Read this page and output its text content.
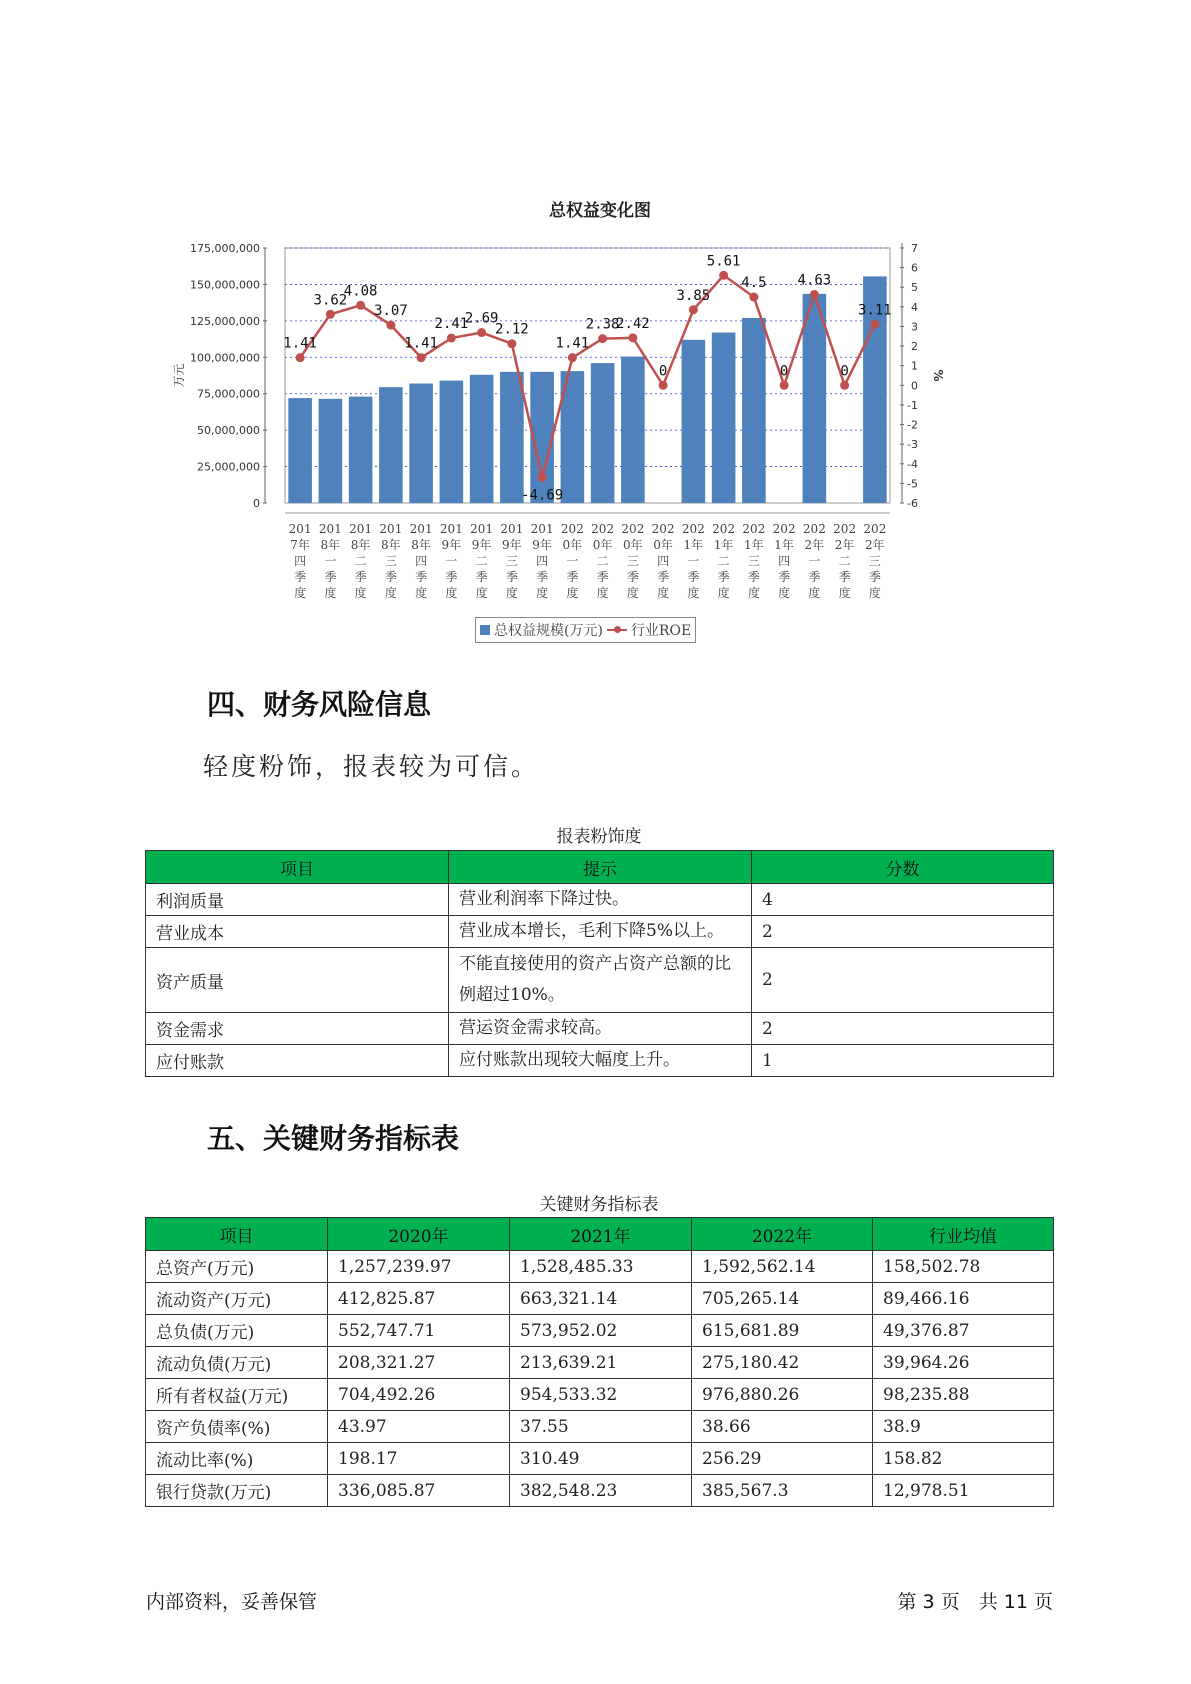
总权益变化图
0
25,000,000
50,000,000
75,000,000
100,000,000
125,000,000
150,000,000
175,000,000
-6
-5
-4
-3
-2
-1
0
1
2
3
4
5
6
7
万元	%
201
7年
四
季
度
201
8年
一
季
度
201
8年
二
季
度
201
8年
三
季
度
201
8年
四
季
度
201
9年
一
季
度
201
9年
二
季
度
201
9年
三
季
度
201
9年
四
季
度
202
0年
一
季
度
202
0年
二
季
度
202
0年
三
季
度
202
0年
四
季
度
202
1年
一
季
度
202
1年
二
季
度
202
1年
三
季
度
202
1年
四
季
度
202
2年
一
季
度
202
2年
二
季
度
202
2年
三
季
度
1.41
3.62
4.08
3.07
1.41
2.41
2.69
2.12
-4.69
1.41
2.38
2.42
0
3.85
5.61
4.5
0
4.63
0
3.11
总权益规模(万元) 行业ROE
四、财务风险信息
轻度粉饰，报表较为可信。
报表粉饰度
项目	提示	分数
利润质量	营业利润率下降过快。	4
营业成本	营业成本增长，毛利下降5%以上。	2
资产质量	不能直接使用的资产占资产总额的比例超过10%。	2
资金需求	营运资金需求较高。	2
应付账款	应付账款出现较大幅度上升。	1
五、关键财务指标表
关键财务指标表
项目	2020年	2021年	2022年	行业均值
总资产(万元)	1,257,239.97	1,528,485.33	1,592,562.14	158,502.78
流动资产(万元)	412,825.87	663,321.14	705,265.14	89,466.16
总负债(万元)	552,747.71	573,952.02	615,681.89	49,376.87
流动负债(万元)	208,321.27	213,639.21	275,180.42	39,964.26
所有者权益(万元)	704,492.26	954,533.32	976,880.26	98,235.88
资产负债率(%)	43.97	37.55	38.66	38.9
流动比率(%)	198.17	310.49	256.29	158.82
银行贷款(万元)	336,085.87	382,548.23	385,567.3	12,978.51
内部资料，妥善保管	第 3 页　共 11 页
